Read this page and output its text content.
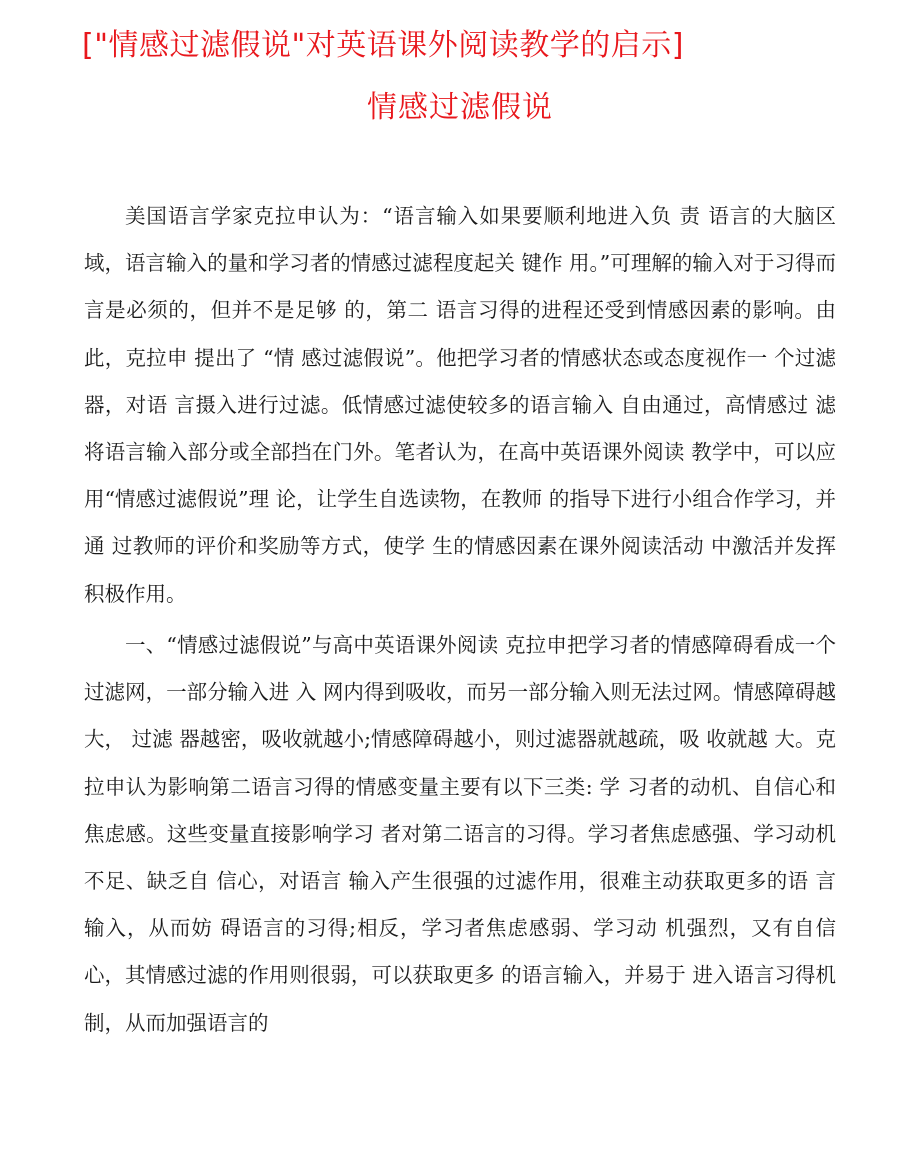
["情感过滤假说"对英语课外阅读教学的启示]
情感过滤假说

美国语言学家克拉申认为：“语言输入如果要顺利地进入负 责 语言的大脑区域，语言输入的量和学习者的情感过滤程度起关 键作 用。”可理解的输入对于习得而言是必须的，但并不是足够 的，第二 语言习得的进程还受到情感因素的影响。由此，克拉申 提出了 “情 感过滤假说”。他把学习者的情感状态或态度视作一 个过滤器，对语 言摄入进行过滤。低情感过滤使较多的语言输入 自由通过，高情感过 滤将语言输入部分或全部挡在门外。笔者认为，在高中英语课外阅读 教学中，可以应用“情感过滤假说”理 论，让学生自选读物，在教师 的指导下进行小组合作学习，并通 过教师的评价和奖励等方式，使学 生的情感因素在课外阅读活动 中激活并发挥积极作用。

一、“情感过滤假说”与高中英语课外阅读 克拉申把学习者的情感障碍看成一个过滤网，一部分输入进 入 网内得到吸收，而另一部分输入则无法过网。情感障碍越大， 过滤 器越密，吸收就越小;情感障碍越小，则过滤器就越疏，吸 收就越 大。克拉申认为影响第二语言习得的情感变量主要有以下三类: 学 习者的动机、自信心和焦虑感。这些变量直接影响学习 者对第二语言的习得。学习者焦虑感强、学习动机不足、缺乏自 信心，对语言 输入产生很强的过滤作用，很难主动获取更多的语 言输入，从而妨 碍语言的习得;相反，学习者焦虑感弱、学习动 机强烈，又有自信 心，其情感过滤的作用则很弱，可以获取更多 的语言输入，并易于 进入语言习得机制，从而加强语言的
